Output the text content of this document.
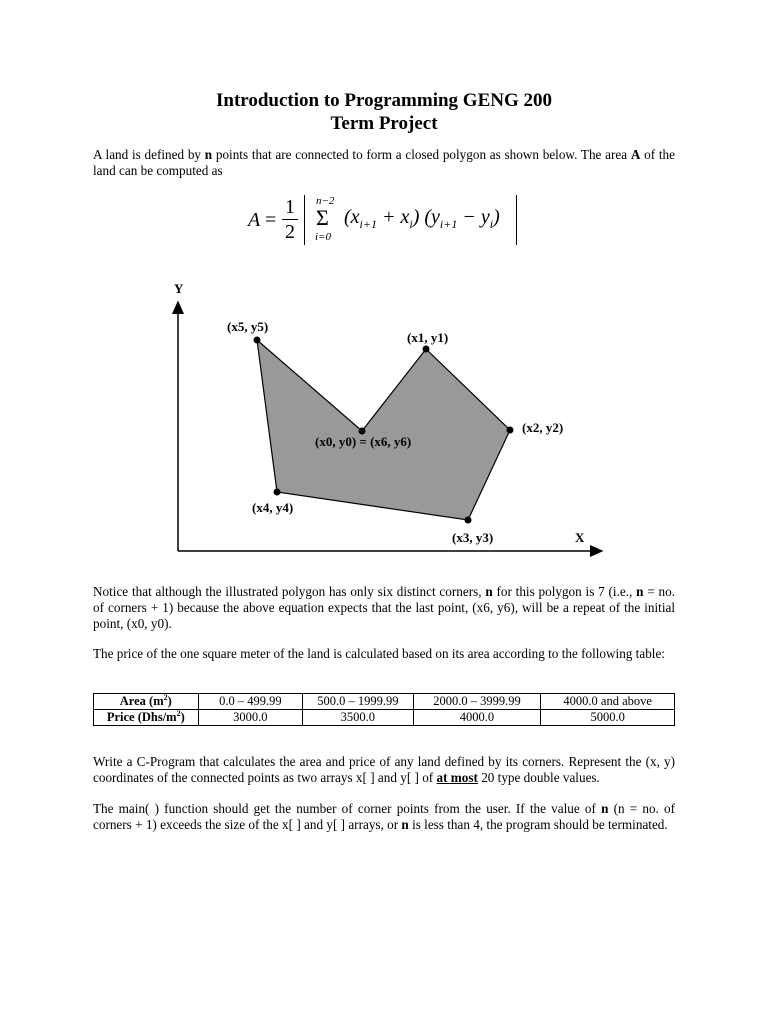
Introduction to Programming GENG 200
Term Project
A land is defined by n points that are connected to form a closed polygon as shown below. The area A of the land can be computed as
A =
1
2
n−2
Σ
i=0
$(x_{i+1} + x_i) (y_{i+1} - y_i)$
Y
X
(x5, y5)
(x1, y1)
(x2, y2)
(x0, y0) = (x6, y6)
(x4, y4)
(x3, y3)
Notice that although the illustrated polygon has only six distinct corners, n for this polygon is 7 (i.e., n = no. of corners + 1) because the above equation expects that the last point, (x6, y6), will be a repeat of the initial point, (x0, y0).
The price of the one square meter of the land is calculated based on its area according to the following table:
Area $(m^2)$	0.0 – 499.99	500.0 – 1999.99	2000.0 – 3999.99	4000.0 and above
Price $(Dhs/m^2)$	3000.0	3500.0	4000.0	5000.0
Write a C-Program that calculates the area and price of any land defined by its corners. Represent the (x, y) coordinates of the connected points as two arrays x[ ] and y[ ] of at most 20 type double values.
The main( ) function should get the number of corner points from the user. If the value of n (n = no. of corners + 1) exceeds the size of the x[ ] and y[ ] arrays, or n is less than 4, the program should be terminated.
